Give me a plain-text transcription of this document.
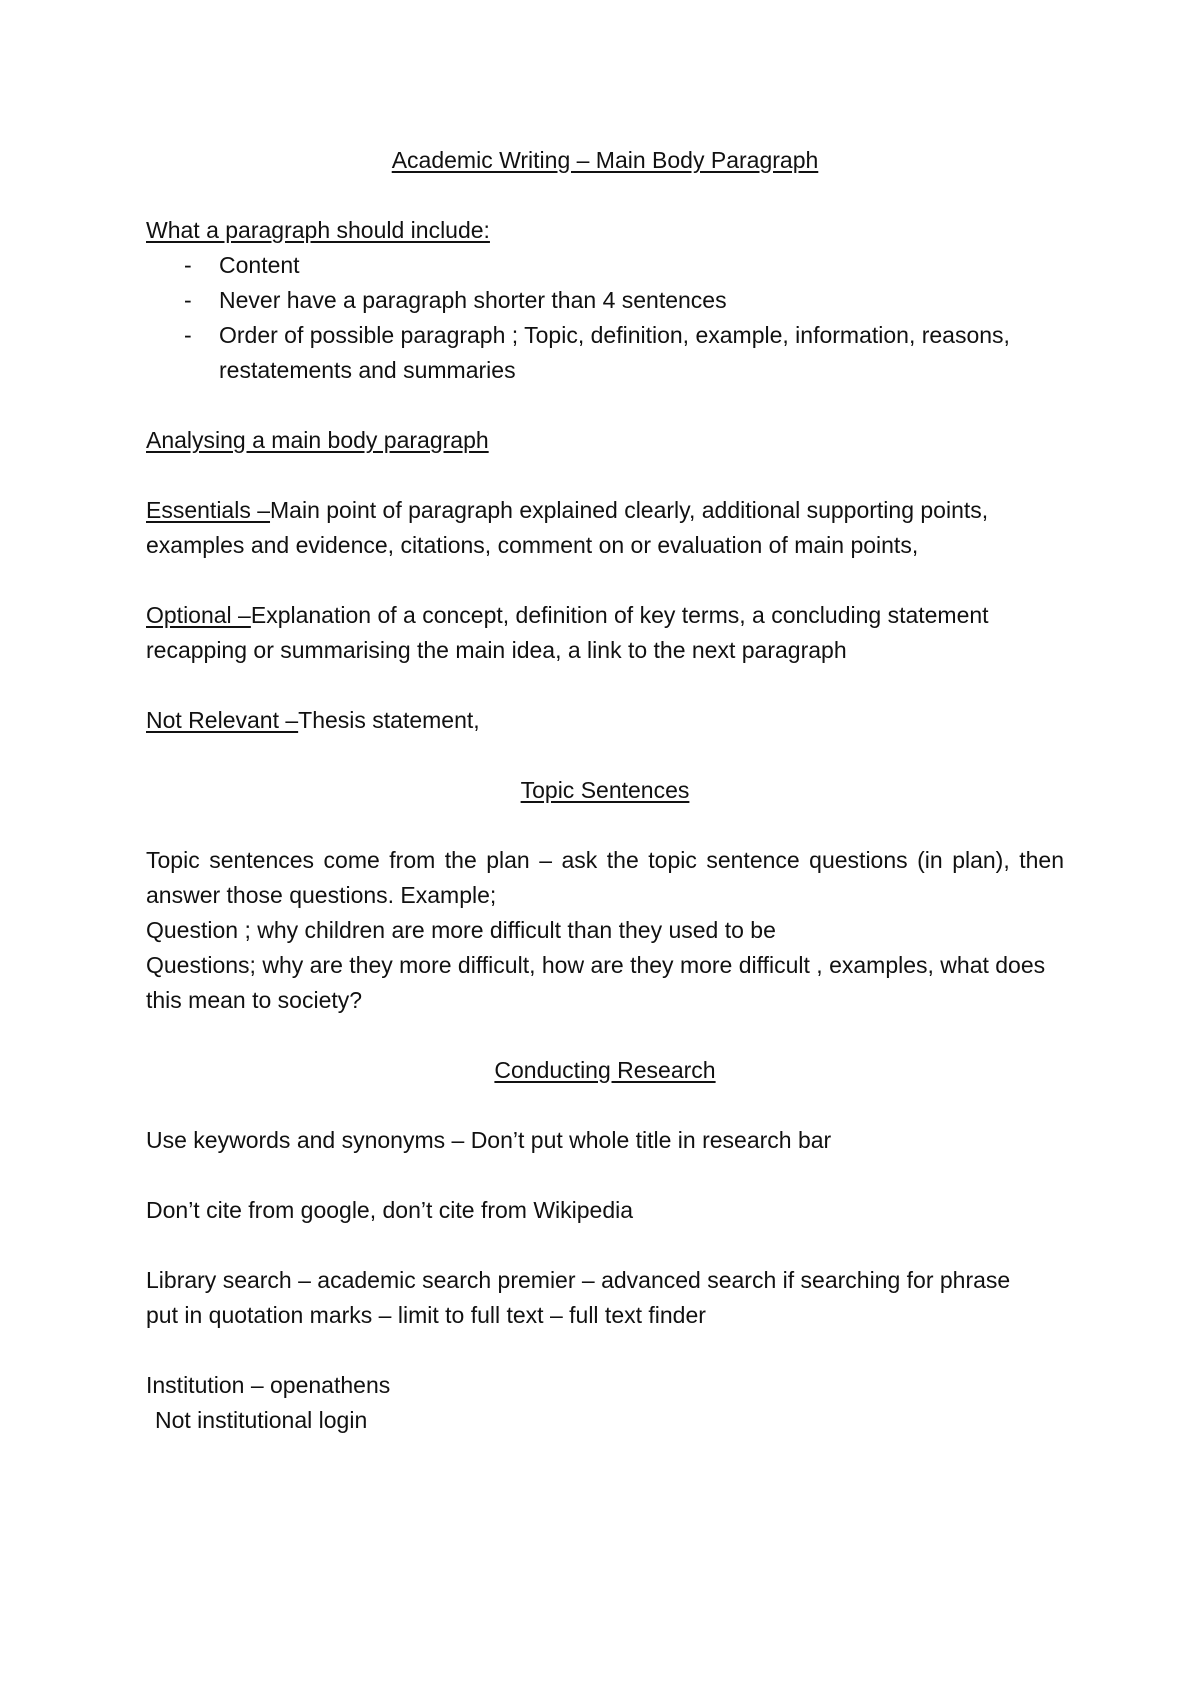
Academic Writing – Main Body Paragraph

What a paragraph should include:

- Content
- Never have a paragraph shorter than 4 sentences
- Order of possible paragraph ; Topic, definition, example, information, reasons, restatements and summaries

Analysing a main body paragraph

Essentials –Main point of paragraph explained clearly, additional supporting points, examples and evidence, citations, comment on or evaluation of main points,

Optional –Explanation of a concept, definition of key terms, a concluding statement recapping or summarising the main idea, a link to the next paragraph

Not Relevant –Thesis statement,

Topic Sentences

Topic sentences come from the plan – ask the topic sentence questions (in plan), then answer those questions. Example;

Question ; why children are more difficult than they used to be

Questions; why are they more difficult, how are they more difficult , examples, what does this mean to society?

Conducting Research

Use keywords and synonyms – Don’t put whole title in research bar

Don’t cite from google, don’t cite from Wikipedia

Library search – academic search premier – advanced search if searching for phrase put in quotation marks – limit to full text – full text finder

Institution – openathens

Not institutional login
